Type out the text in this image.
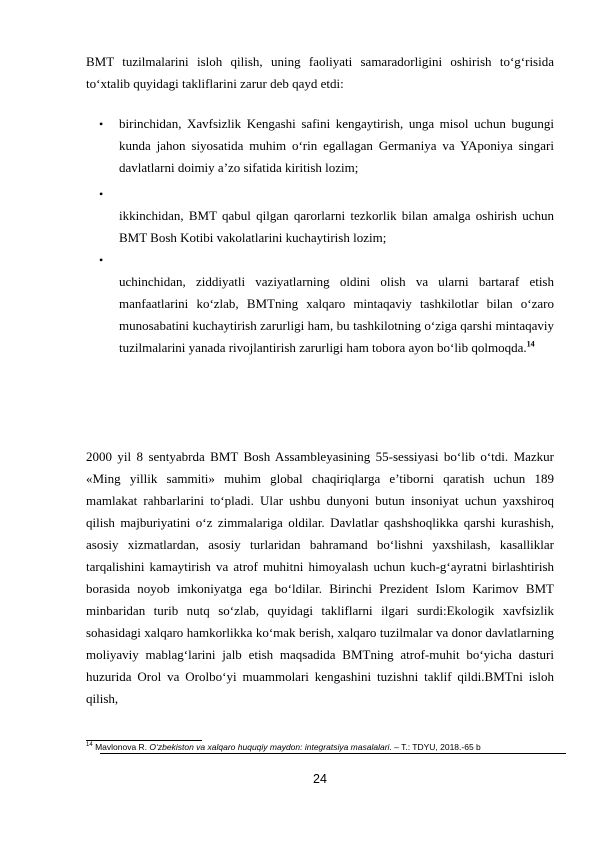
BMT tuzilmalarini isloh qilish, uning faoliyati samaradorligini oshirish to‘g‘risida to‘xtalib quyidagi takliflarini zarur deb qayd etdi:
• birinchidan, Xavfsizlik Kengashi safini kengaytirish, unga misol uchun bugungi kunda jahon siyosatida muhim o‘rin egallagan Germaniya va YAponiya singari davlatlarni doimiy a’zo sifatida kiritish lozim;
•
ikkinchidan, BMT qabul qilgan qarorlarni tezkorlik bilan amalga oshirish uchun BMT Bosh Kotibi vakolatlarini kuchaytirish lozim;
•
uchinchidan, ziddiyatli vaziyatlarning oldini olish va ularni bartaraf etish manfaatlarini ko‘zlab, BMTning xalqaro mintaqaviy tashkilotlar bilan o‘zaro munosabatini kuchaytirish zarurligi ham, bu tashkilotning o‘ziga qarshi mintaqaviy tuzilmalarini yanada rivojlantirish zarurligi ham tobora ayon bo‘lib qolmoqda.$^{14}$
2000 yil 8 sentyabrda BMT Bosh Assambleyasining 55-sessiyasi bo‘lib o‘tdi. Mazkur «Ming yillik sammiti» muhim global chaqiriqlarga e’tiborni qaratish uchun 189 mamlakat rahbarlarini to‘pladi. Ular ushbu dunyoni butun insoniyat uchun yaxshiroq qilish majburiyatini o‘z zimmalariga oldilar. Davlatlar qashshoqlikka qarshi kurashish, asosiy xizmatlardan, asosiy turlaridan bahramand bo‘lishni yaxshilash, kasalliklar tarqalishini kamaytirish va atrof muhitni himoyalash uchun kuch-g‘ayratni birlashtirish borasida noyob imkoniyatga ega bo‘ldilar. Birinchi Prezident Islom Karimov BMT minbaridan turib nutq so‘zlab, quyidagi takliflarni ilgari surdi:Ekologik xavfsizlik sohasidagi xalqaro hamkorlikka ko‘mak berish, xalqaro tuzilmalar va donor davlatlarning moliyaviy mablag‘larini jalb etish maqsadida BMTning atrof-muhit bo‘yicha dasturi huzurida Orol va Orolbo‘yi muammolari kengashini tuzishni taklif qildi.BMTni isloh qilish,
$^{14}$ Mavlonova R. O‘zbekiston va xalqaro huquqiy maydon: integratsiya masalalari. – T.: TDYU, 2018.-65 b
24
